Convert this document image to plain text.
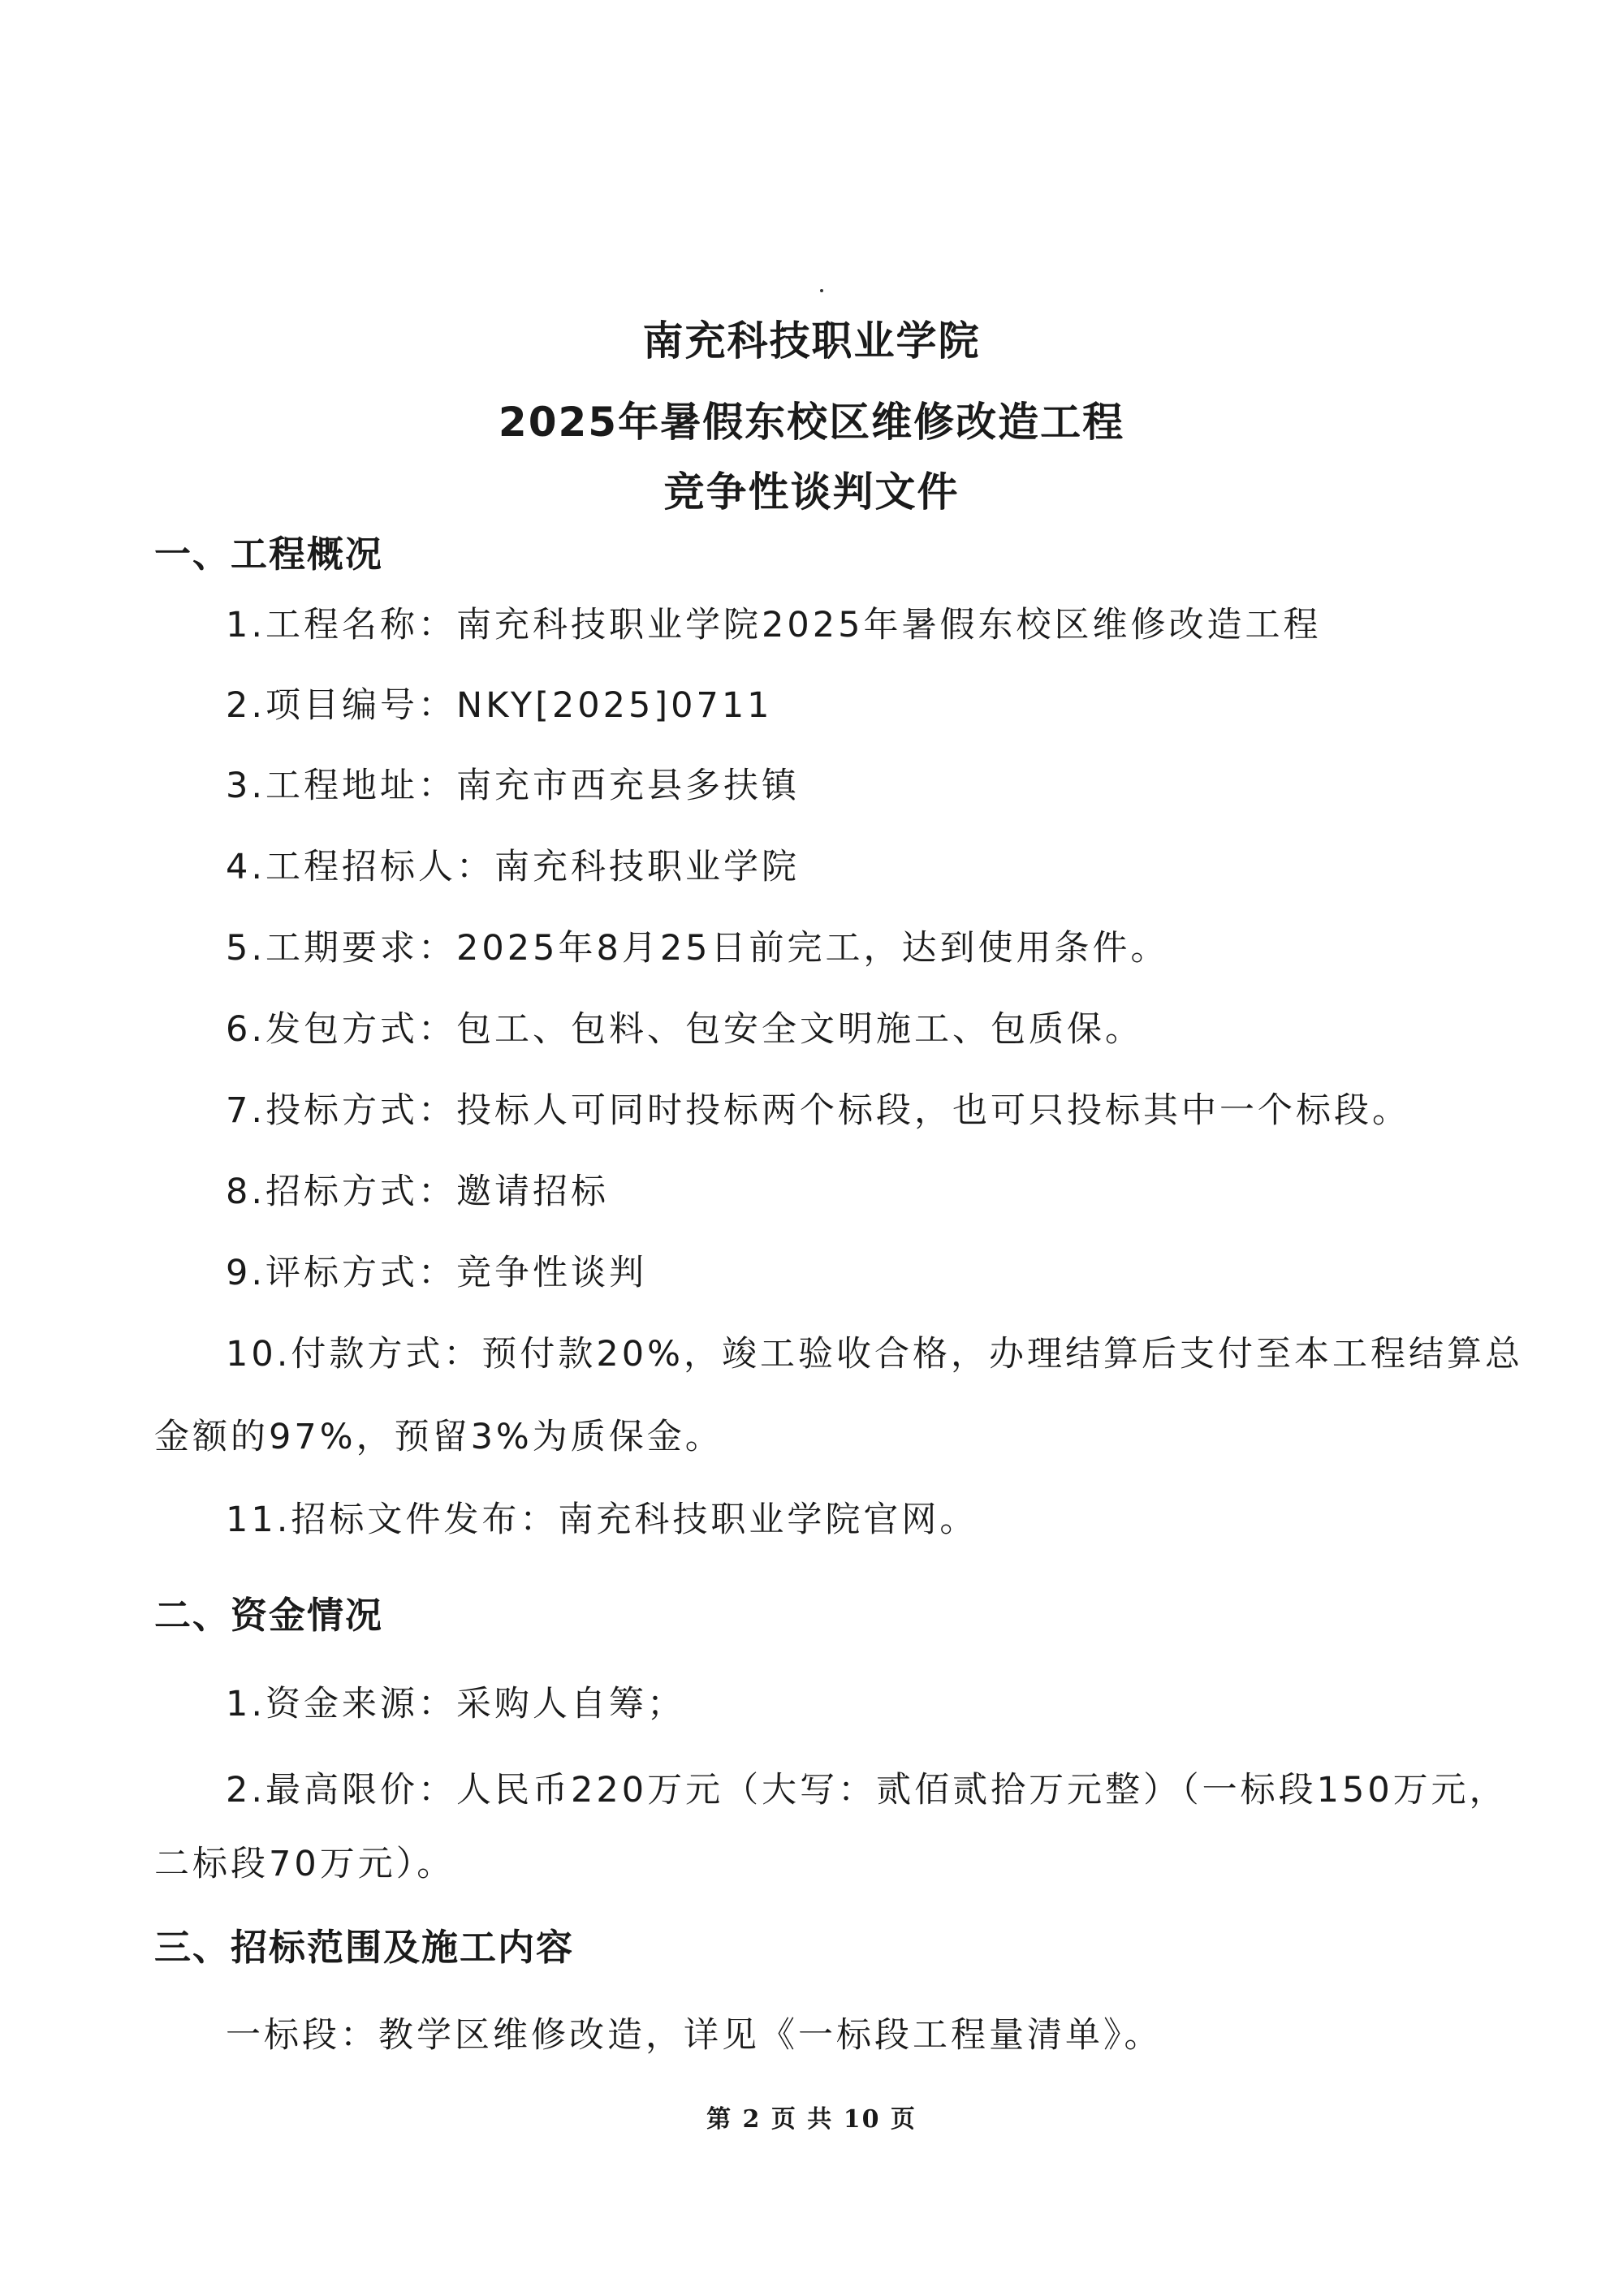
南充科技职业学院
2025年暑假东校区维修改造工程
竞争性谈判文件
一、工程概况
1.工程名称：南充科技职业学院2025年暑假东校区维修改造工程
2.项目编号：NKY[2025]0711
3.工程地址：南充市西充县多扶镇
4.工程招标人：南充科技职业学院
5.工期要求：2025年8月25日前完工，达到使用条件。
6.发包方式：包工、包料、包安全文明施工、包质保。
7.投标方式：投标人可同时投标两个标段，也可只投标其中一个标段。
8.招标方式：邀请招标
9.评标方式：竞争性谈判
10.付款方式：预付款20%，竣工验收合格，办理结算后支付至本工程结算总
金额的97%，预留3%为质保金。
11.招标文件发布：南充科技职业学院官网。
二、资金情况
1.资金来源：采购人自筹；
2.最高限价：人民币220万元（大写：贰佰贰拾万元整）（一标段150万元，
二标段70万元）。
三、招标范围及施工内容
一标段：教学区维修改造，详见《一标段工程量清单》。
第 2 页 共 10 页
